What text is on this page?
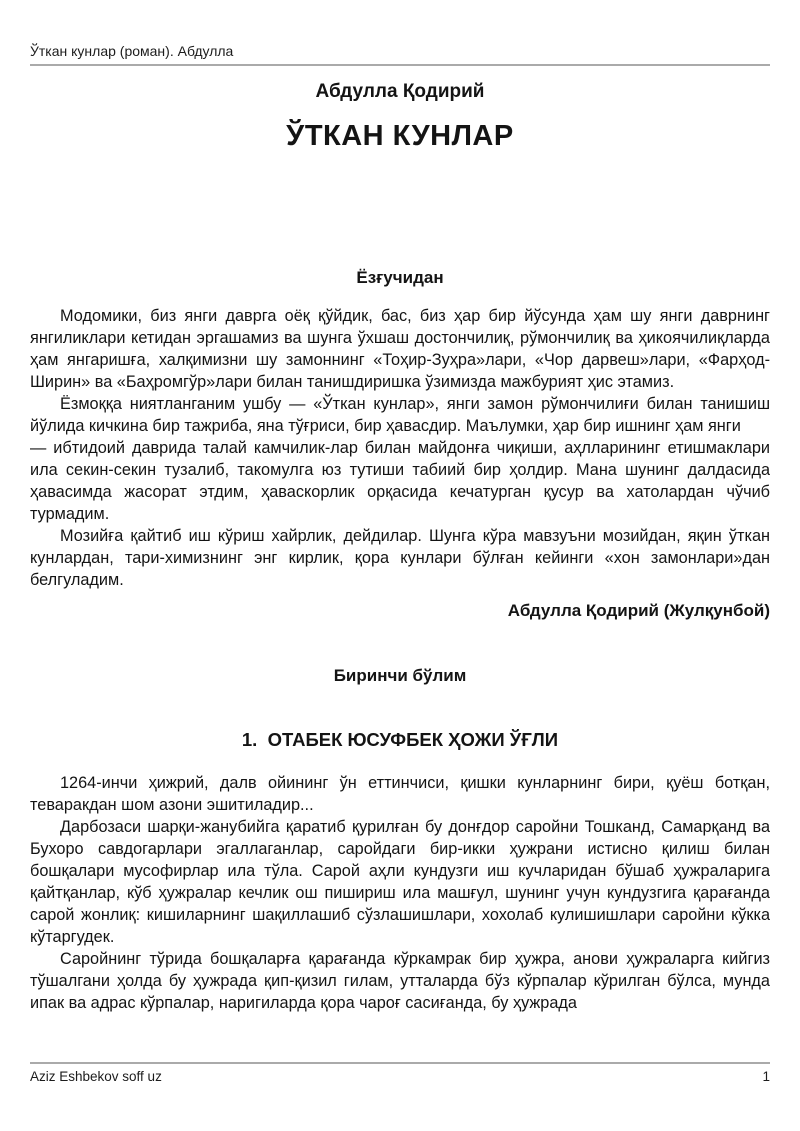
Ўткан кунлар (роман). Абдулла
Абдулла Қодирий
ЎТКАН КУНЛАР
Ёзғучидан

Модомики, биз янги даврга оёқ қўйдик, бас, биз ҳар бир йўсунда ҳам шу янги даврнинг янгиликлари кетидан эргашамиз ва шунга ўхшаш достончилиқ, рўмончилиқ ва ҳикоячилиқларда ҳам янгаришға, халқимизни шу замоннинг «Тоҳир-Зуҳра»лари, «Чор дарвеш»лари, «Фарҳод-Ширин» ва «Баҳромгўр»лари билан танишдиришка ўзимизда мажбурият ҳис этамиз.

Ёзмоққа ниятланганим ушбу — «Ўткан кунлар», янги замон рўмончилиғи билан танишиш йўлида кичкина бир тажриба, яна тўғриси, бир ҳавасдир. Маълумки, ҳар бир ишнинг ҳам янги

— ибтидоий даврида талай камчилик-лар билан майдонға чиқиши, аҳлларининг етишмаклари ила секин-секин тузалиб, такомулга юз тутиши табиий бир ҳолдир. Мана шунинг далдасида ҳавасимда жасорат этдим, ҳаваскорлик орқасида кечатурган қусур ва хатолардан чўчиб турмадим.

Мозийға қайтиб иш кўриш хайрлик, дейдилар. Шунга кўра мавзуъни мозийдан, яқин ўткан кунлардан, тари-химизнинг энг кирлик, қора кунлари бўлған кейинги «хон замонлари»дан белгуладим.

Абдулла Қодирий (Жулқунбой)

Биринчи бўлим
1.  ОТАБЕК ЮСУФБЕК ҲОЖИ ЎҒЛИ

1264-инчи ҳижрий, далв ойининг ўн еттинчиси, қишки кунларнинг бири, қуёш ботқан, теваракдан шом азони эшитиладир...

Дарбозаси шарқи-жанубийга қаратиб қурилған бу донғдор саройни Тошканд, Самарқанд ва Бухоро савдогарлари эгаллаганлар, саройдаги бир-икки ҳужрани истисно қилиш билан бошқалари мусофирлар ила тўла. Сарой аҳли кундузги иш кучларидан бўшаб ҳужраларига қайтқанлар, кўб ҳужралар кечлик ош пишириш ила машғул, шунинг учун кундузгига қарағанда сарой жонлиқ: кишиларнинг шақиллашиб сўзлашишлари, хохолаб кулишишлари саройни кўкка кўтаргудек.

Саройнинг тўрида бошқаларға қарағанда кўркамрак бир ҳужра, анови ҳужраларга кийгиз тўшалгани ҳолда бу ҳужрада қип-қизил гилам, утталарда бўз кўрпалар кўрилган бўлса, мунда ипак ва адрас кўрпалар, наригиларда қора чароғ сасиғанда, бу ҳужрада

Aziz Eshbekov soff uz	1
